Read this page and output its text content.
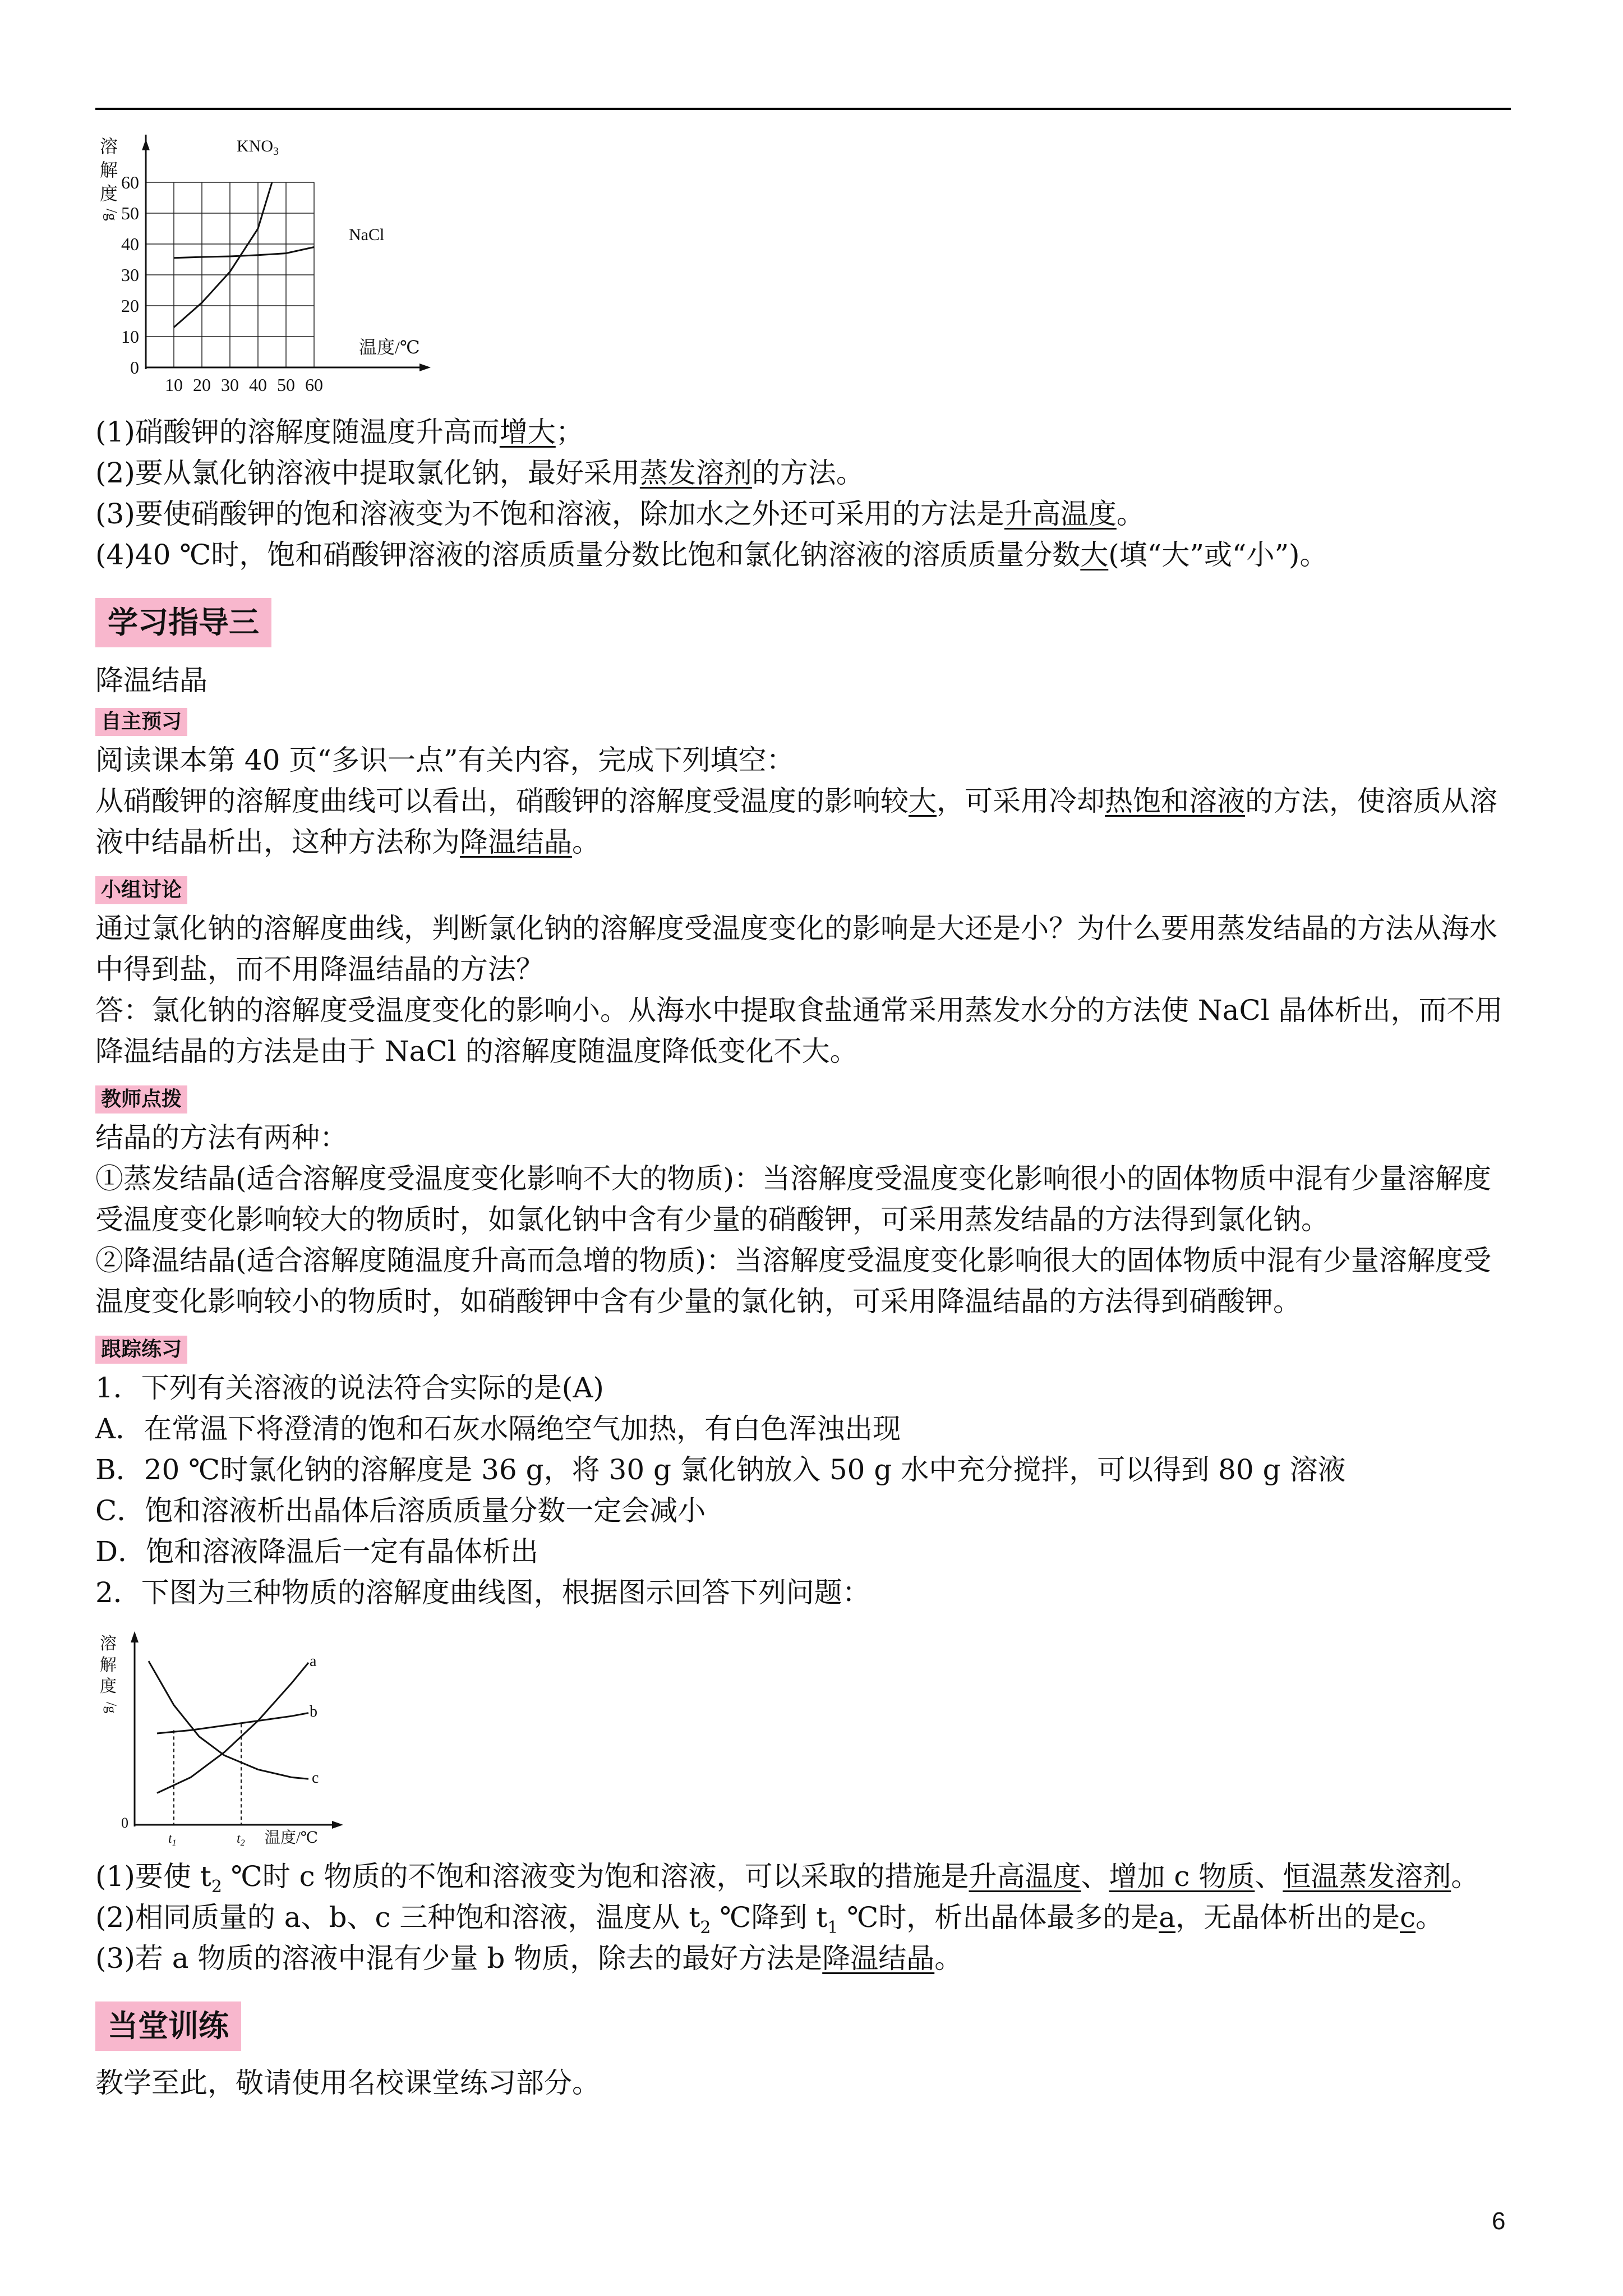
0
10
20
30
40
50
60
10 20 30 40 50 60
$KNO_3$
NaCl
溶
解
度
/g
温度/℃
(1)硝酸钾的溶解度随温度升高而增大；
(2)要从氯化钠溶液中提取氯化钠，最好采用蒸发溶剂的方法。
(3)要使硝酸钾的饱和溶液变为不饱和溶液，除加水之外还可采用的方法是升高温度。
(4)40 ℃时，饱和硝酸钾溶液的溶质质量分数比饱和氯化钠溶液的溶质质量分数大(填“大”或“小”)。
学习指导三
降温结晶
自主预习
阅读课本第 40 页“多识一点”有关内容，完成下列填空：
从硝酸钾的溶解度曲线可以看出，硝酸钾的溶解度受温度的影响较大，可采用冷却热饱和溶液的方法，使溶质从溶
液中结晶析出，这种方法称为降温结晶。
小组讨论
通过氯化钠的溶解度曲线，判断氯化钠的溶解度受温度变化的影响是大还是小？为什么要用蒸发结晶的方法从海水
中得到盐，而不用降温结晶的方法？
答：氯化钠的溶解度受温度变化的影响小。从海水中提取食盐通常采用蒸发水分的方法使 NaCl 晶体析出，而不用
降温结晶的方法是由于 NaCl 的溶解度随温度降低变化不大。
教师点拨
结晶的方法有两种：
①蒸发结晶(适合溶解度受温度变化影响不大的物质)：当溶解度受温度变化影响很小的固体物质中混有少量溶解度
受温度变化影响较大的物质时，如氯化钠中含有少量的硝酸钾，可采用蒸发结晶的方法得到氯化钠。
②降温结晶(适合溶解度随温度升高而急增的物质)：当溶解度受温度变化影响很大的固体物质中混有少量溶解度受
温度变化影响较小的物质时，如硝酸钾中含有少量的氯化钠，可采用降温结晶的方法得到硝酸钾。
跟踪练习
1．下列有关溶液的说法符合实际的是(A)
A．在常温下将澄清的饱和石灰水隔绝空气加热，有白色浑浊出现
B．20 ℃时氯化钠的溶解度是 36 g，将 30 g 氯化钠放入 50 g 水中充分搅拌，可以得到 80 g 溶液
C．饱和溶液析出晶体后溶质质量分数一定会减小
D．饱和溶液降温后一定有晶体析出
2．下图为三种物质的溶解度曲线图，根据图示回答下列问题：
a
b
c
溶
解
度
/g
0
$t_1$	$t_2$ 温度/℃
(1)要使 $t_2$ ℃时 c 物质的不饱和溶液变为饱和溶液，可以采取的措施是升高温度、增加 c 物质、恒温蒸发溶剂。
(2)相同质量的 a、b、c 三种饱和溶液，温度从 $t_2$ ℃降到 $t_1$ ℃时，析出晶体最多的是a，无晶体析出的是c。
(3)若 a 物质的溶液中混有少量 b 物质，除去的最好方法是降温结晶。
当堂训练
教学至此，敬请使用名校课堂练习部分。
6
